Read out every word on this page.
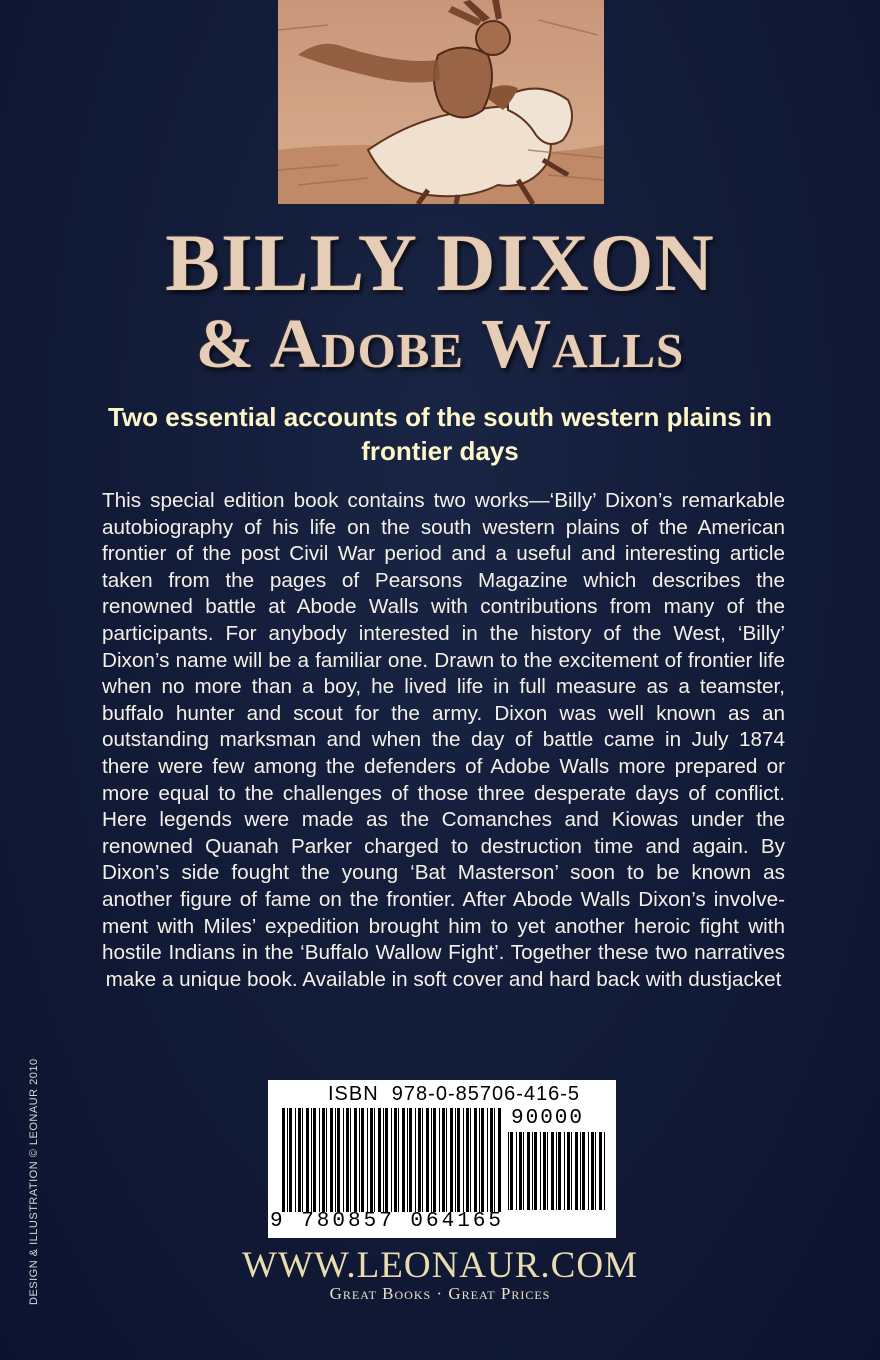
BILLY DIXON
& Adobe Walls
Two essential accounts of the south western plains in frontier days
This special edition book contains two works—‘Billy’ Dixon’s remarkable autobiography of his life on the south western plains of the American frontier of the post Civil War period and a useful and interesting article taken from the pages of Pearsons Magazine which describes the renowned battle at Abode Walls with contributions from many of the participants. For anybody interested in the history of the West, ‘Billy’ Dixon’s name will be a familiar one. Drawn to the excitement of frontier life when no more than a boy, he lived life in full measure as a teamster, buffalo hunter and scout for the army. Dixon was well known as an outstanding marksman and when the day of battle came in July 1874 there were few among the defenders of Adobe Walls more prepared or more equal to the challenges of those three desperate days of conflict. Here legends were made as the Comanches and Kiowas under the renowned Quanah Parker charged to destruction time and again. By Dixon’s side fought the young ‘Bat Masterson’ soon to be known as another figure of fame on the frontier. After Abode Walls Dixon’s involvement with Miles’ expedition brought him to yet another heroic fight with hostile Indians in the ‘Buffalo Wallow Fight’. Together these two narratives make a unique book. Available in soft cover and hard back with dustjacket
ISBN  978-0-85706-416-5
90000
9 780857 064165
WWW.LEONAUR.COM
Great Books · Great Prices
DESIGN & ILLUSTRATION © LEONAUR 2010
